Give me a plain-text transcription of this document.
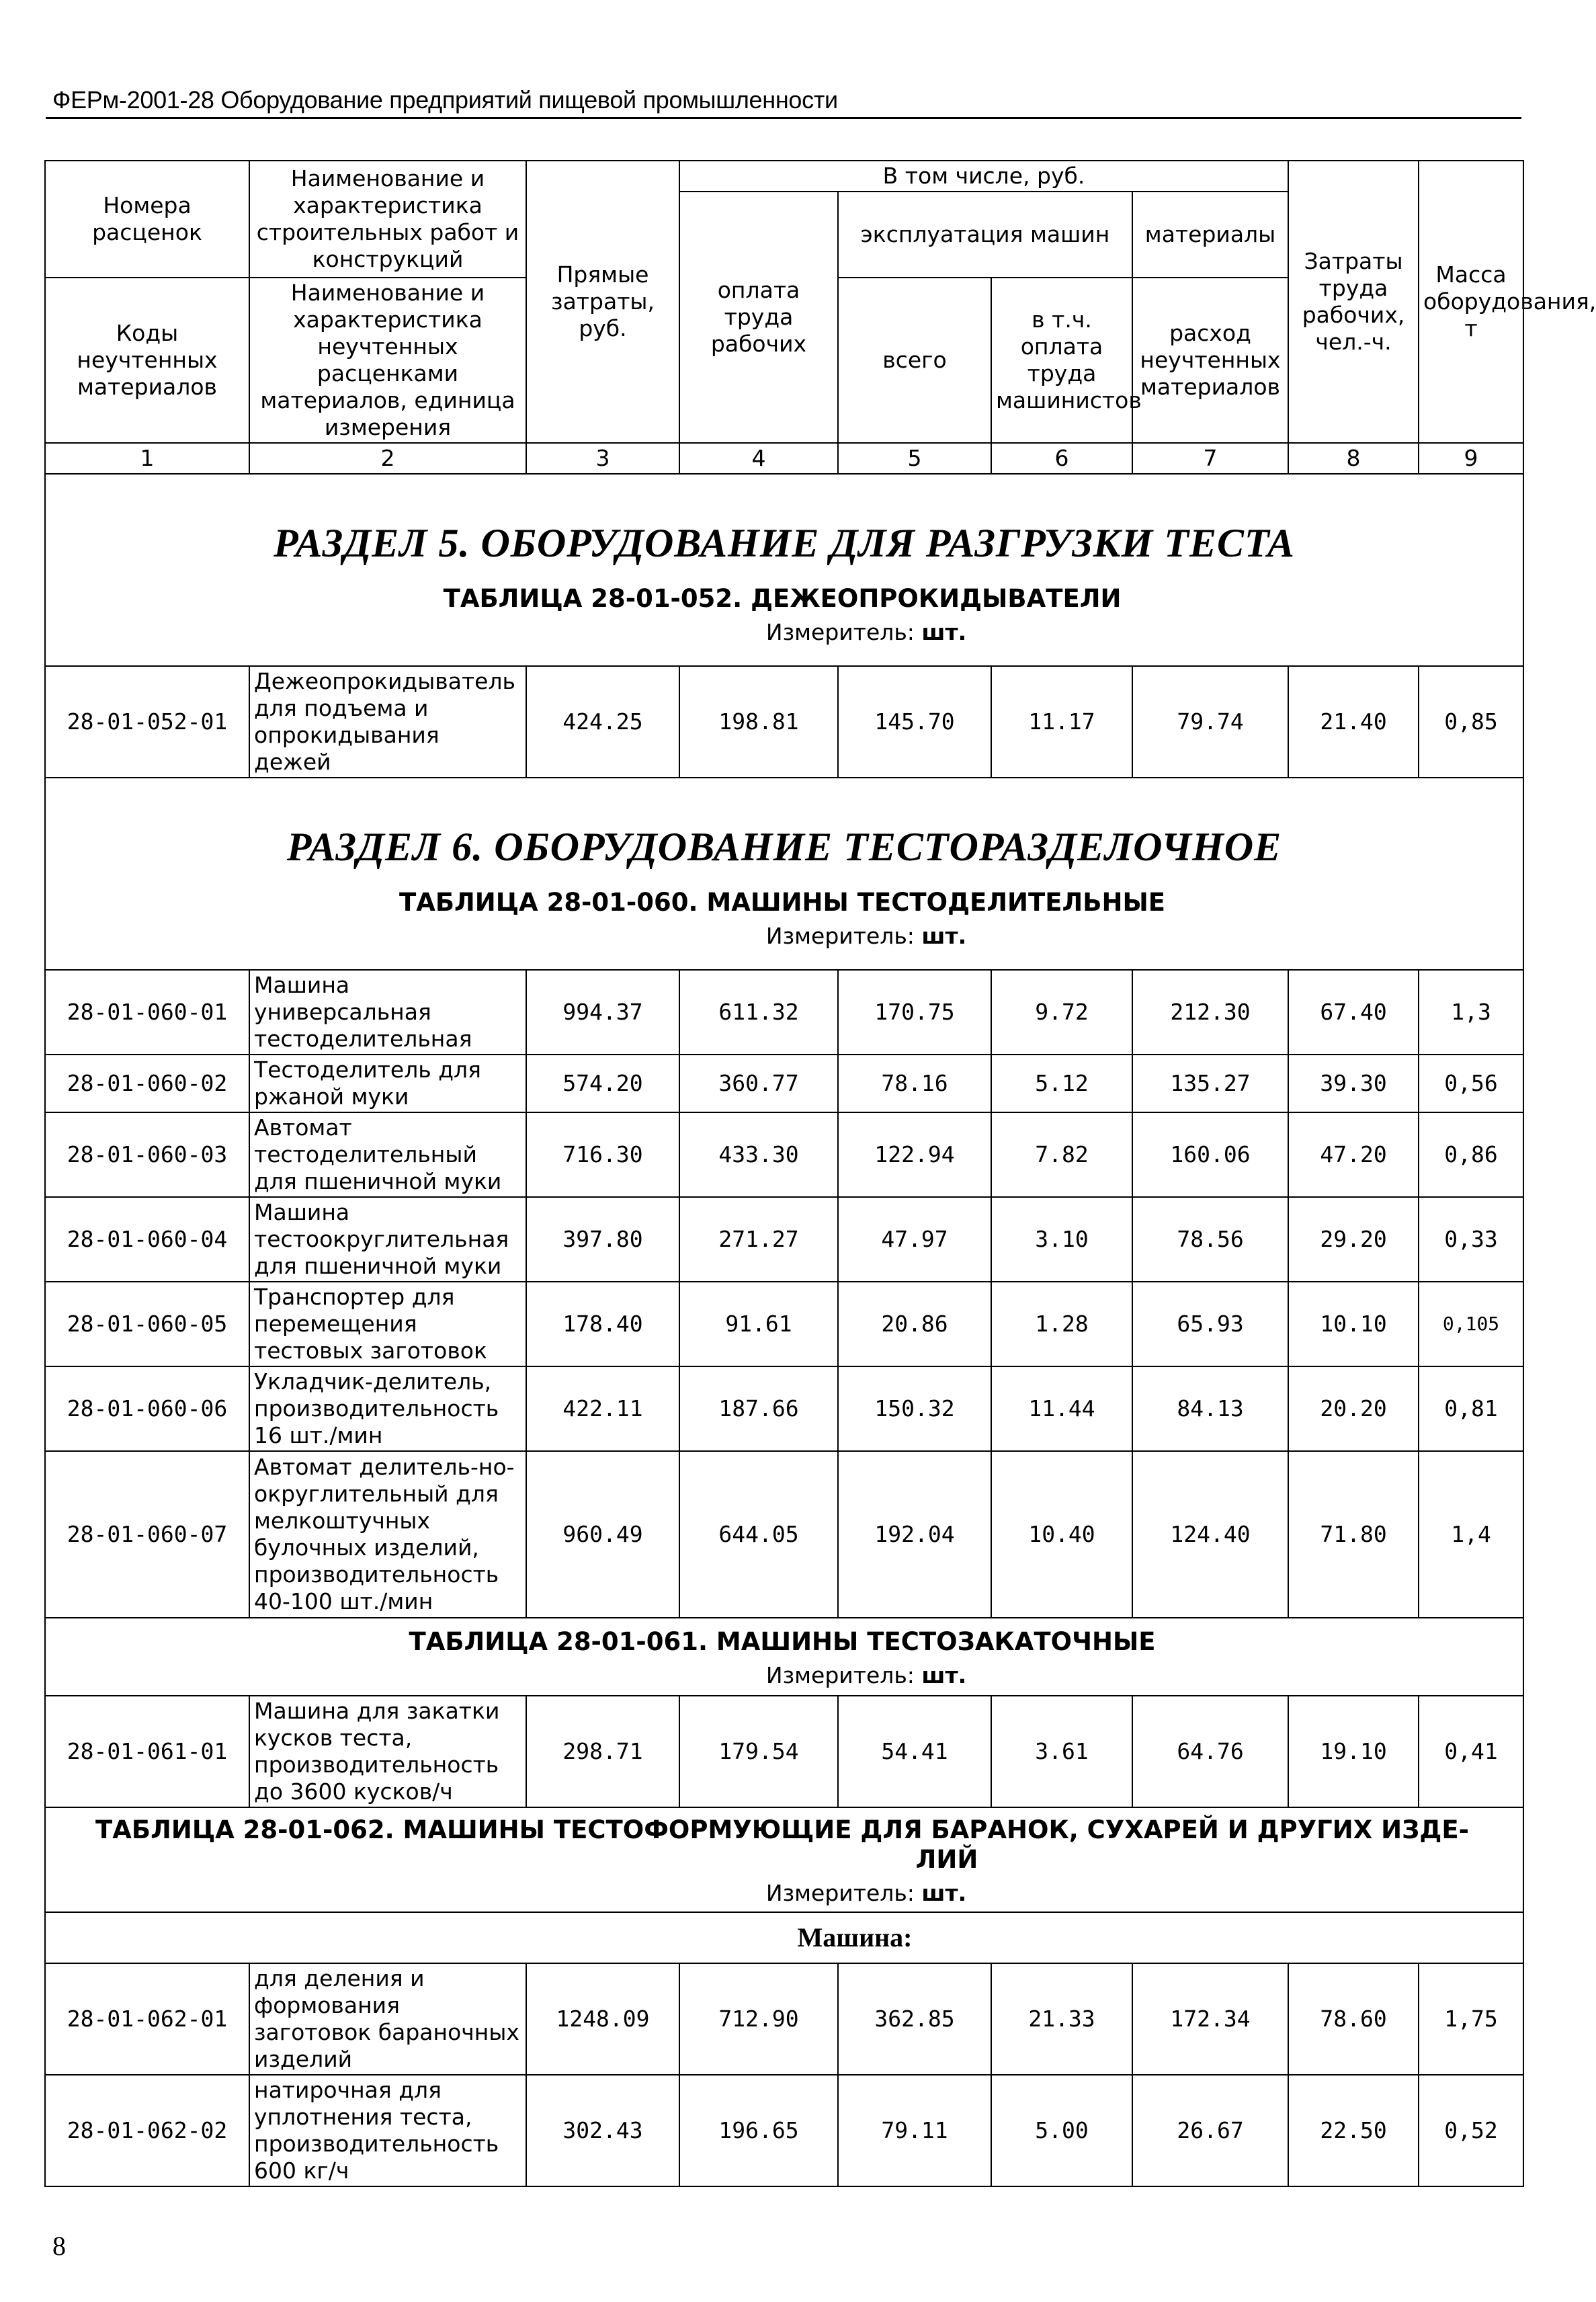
ФЕРм-2001-28 Оборудование предприятий пищевой промышленности
Номера расценок	Наименование и характеристика строительных работ и конструкций	Прямые затраты, руб.	В том числе, руб.				Затраты труда рабочих, чел.-ч.	Масса оборудования, т
			оплата труда рабочих	эксплуатация машин		материалы		
Коды неучтенных материалов	Наименование и характеристика неучтенных расценками материалов, единица измерения			всего	в т.ч. оплата труда машинистов	расход неучтенных материалов		

1	2	3	4	5	6	7	8	9

РАЗДЕЛ 5. ОБОРУДОВАНИЕ ДЛЯ РАЗГРУЗКИ ТЕСТА
ТАБЛИЦА 28-01-052. ДЕЖЕОПРОКИДЫВАТЕЛИ
Измеритель: шт.								

28-01-052-01	Дежеопрокидыватель для подъема и опрокидывания дежей	424.25	198.81	145.70	11.17	79.74	21.40	0,85

РАЗДЕЛ 6. ОБОРУДОВАНИЕ ТЕСТОРАЗДЕЛОЧНОЕ
ТАБЛИЦА 28-01-060. МАШИНЫ ТЕСТОДЕЛИТЕЛЬНЫЕ
Измеритель: шт.								

28-01-060-01	Машина универсальная тестоделительная	994.37	611.32	170.75	9.72	212.30	67.40	1,3
28-01-060-02	Тестоделитель для ржаной муки	574.20	360.77	78.16	5.12	135.27	39.30	0,56
28-01-060-03	Автомат тестоделительный для пшеничной муки	716.30	433.30	122.94	7.82	160.06	47.20	0,86
28-01-060-04	Машина тестоокруглительная для пшеничной муки	397.80	271.27	47.97	3.10	78.56	29.20	0,33
28-01-060-05	Транспортер для перемещения тестовых заготовок	178.40	91.61	20.86	1.28	65.93	10.10	0,105
28-01-060-06	Укладчик-делитель, производительность 16 шт./мин	422.11	187.66	150.32	11.44	84.13	20.20	0,81
28-01-060-07	Автомат делитель-но-округлительный для мелкоштучных булочных изделий, производительность 40-100 шт./мин	960.49	644.05	192.04	10.40	124.40	71.80	1,4

ТАБЛИЦА 28-01-061. МАШИНЫ ТЕСТОЗАКАТОЧНЫЕ
Измеритель: шт.								

28-01-061-01	Машина для закатки кусков теста, производительность до 3600 кусков/ч	298.71	179.54	54.41	3.61	64.76	19.10	0,41

ТАБЛИЦА 28-01-062. МАШИНЫ ТЕСТОФОРМУЮЩИЕ ДЛЯ БАРАНОК, СУХАРЕЙ И ДРУГИХ ИЗДЕ-
ЛИЙ
Измеритель: шт.								

Машина:								

28-01-062-01	для деления и формования заготовок бараночных изделий	1248.09	712.90	362.85	21.33	172.34	78.60	1,75
28-01-062-02	натирочная для уплотнения теста, производительность 600 кг/ч	302.43	196.65	79.11	5.00	26.67	22.50	0,52
8
